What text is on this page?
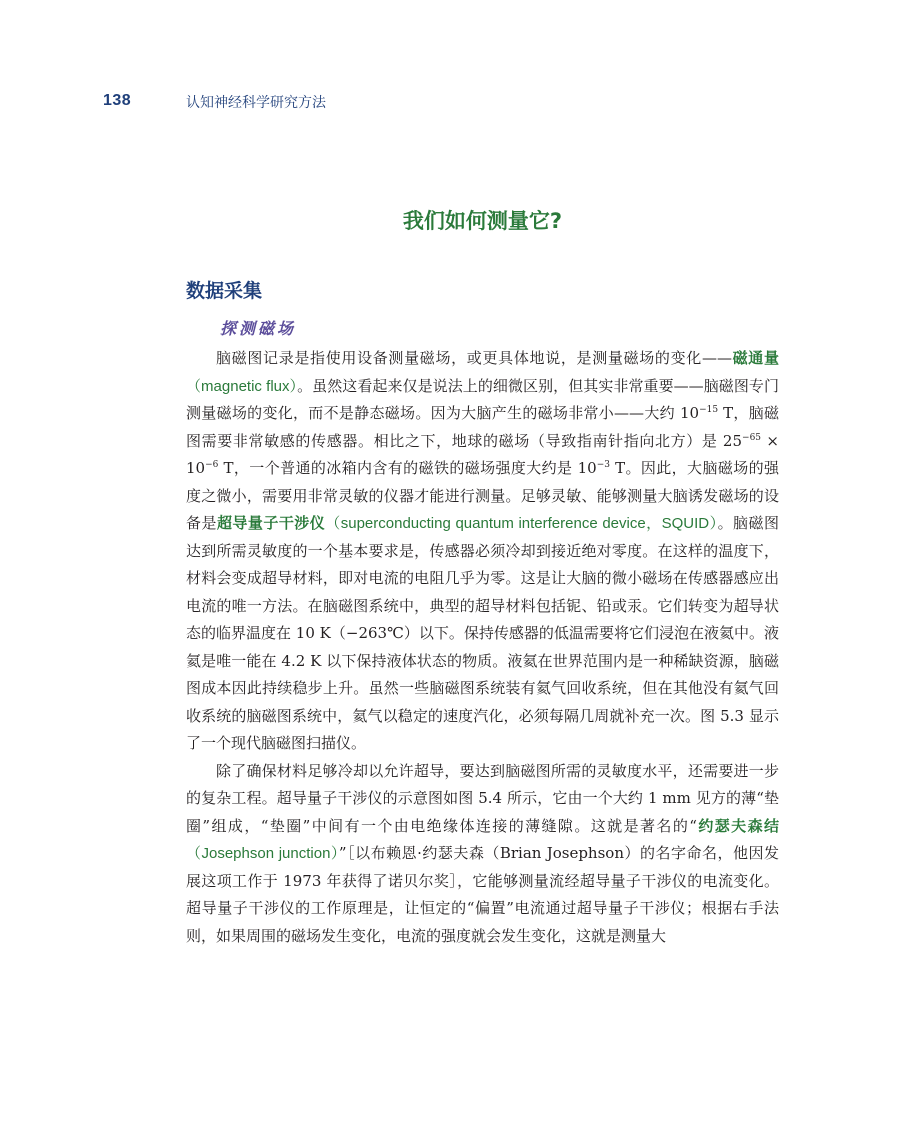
138	认知神经科学研究方法
我们如何测量它?
数据采集
探测磁场

脑磁图记录是指使用设备测量磁场，或更具体地说，是测量磁场的变化——磁通量（magnetic flux）。虽然这看起来仅是说法上的细微区别，但其实非常重要——脑磁图专门测量磁场的变化，而不是静态磁场。因为大脑产生的磁场非常小——大约 $10^{-15}$ T，脑磁图需要非常敏感的传感器。相比之下，地球的磁场（导致指南针指向北方）是 $25^{-65} \times 10^{-6}$ T，一个普通的冰箱内含有的磁铁的磁场强度大约是 $10^{-3}$ T。因此，大脑磁场的强度之微小，需要用非常灵敏的仪器才能进行测量。足够灵敏、能够测量大脑诱发磁场的设备是超导量子干涉仪（superconducting quantum interference device，SQUID）。脑磁图达到所需灵敏度的一个基本要求是，传感器必须冷却到接近绝对零度。在这样的温度下，材料会变成超导材料，即对电流的电阻几乎为零。这是让大脑的微小磁场在传感器感应出电流的唯一方法。在脑磁图系统中，典型的超导材料包括铌、铅或汞。它们转变为超导状态的临界温度在 10 K（−263℃）以下。保持传感器的低温需要将它们浸泡在液氦中。液氦是唯一能在 4.2 K 以下保持液体状态的物质。液氦在世界范围内是一种稀缺资源，脑磁图成本因此持续稳步上升。虽然一些脑磁图系统装有氦气回收系统，但在其他没有氦气回收系统的脑磁图系统中，氦气以稳定的速度汽化，必须每隔几周就补充一次。图 5.3 显示了一个现代脑磁图扫描仪。

除了确保材料足够冷却以允许超导，要达到脑磁图所需的灵敏度水平，还需要进一步的复杂工程。超导量子干涉仪的示意图如图 5.4 所示，它由一个大约 1 mm 见方的薄“垫圈”组成，“垫圈”中间有一个由电绝缘体连接的薄缝隙。这就是著名的“约瑟夫森结（Josephson junction）”［以布赖恩·约瑟夫森（Brian Josephson）的名字命名，他因发展这项工作于 1973 年获得了诺贝尔奖］，它能够测量流经超导量子干涉仪的电流变化。超导量子干涉仪的工作原理是，让恒定的“偏置”电流通过超导量子干涉仪；根据右手法则，如果周围的磁场发生变化，电流的强度就会发生变化，这就是测量大
